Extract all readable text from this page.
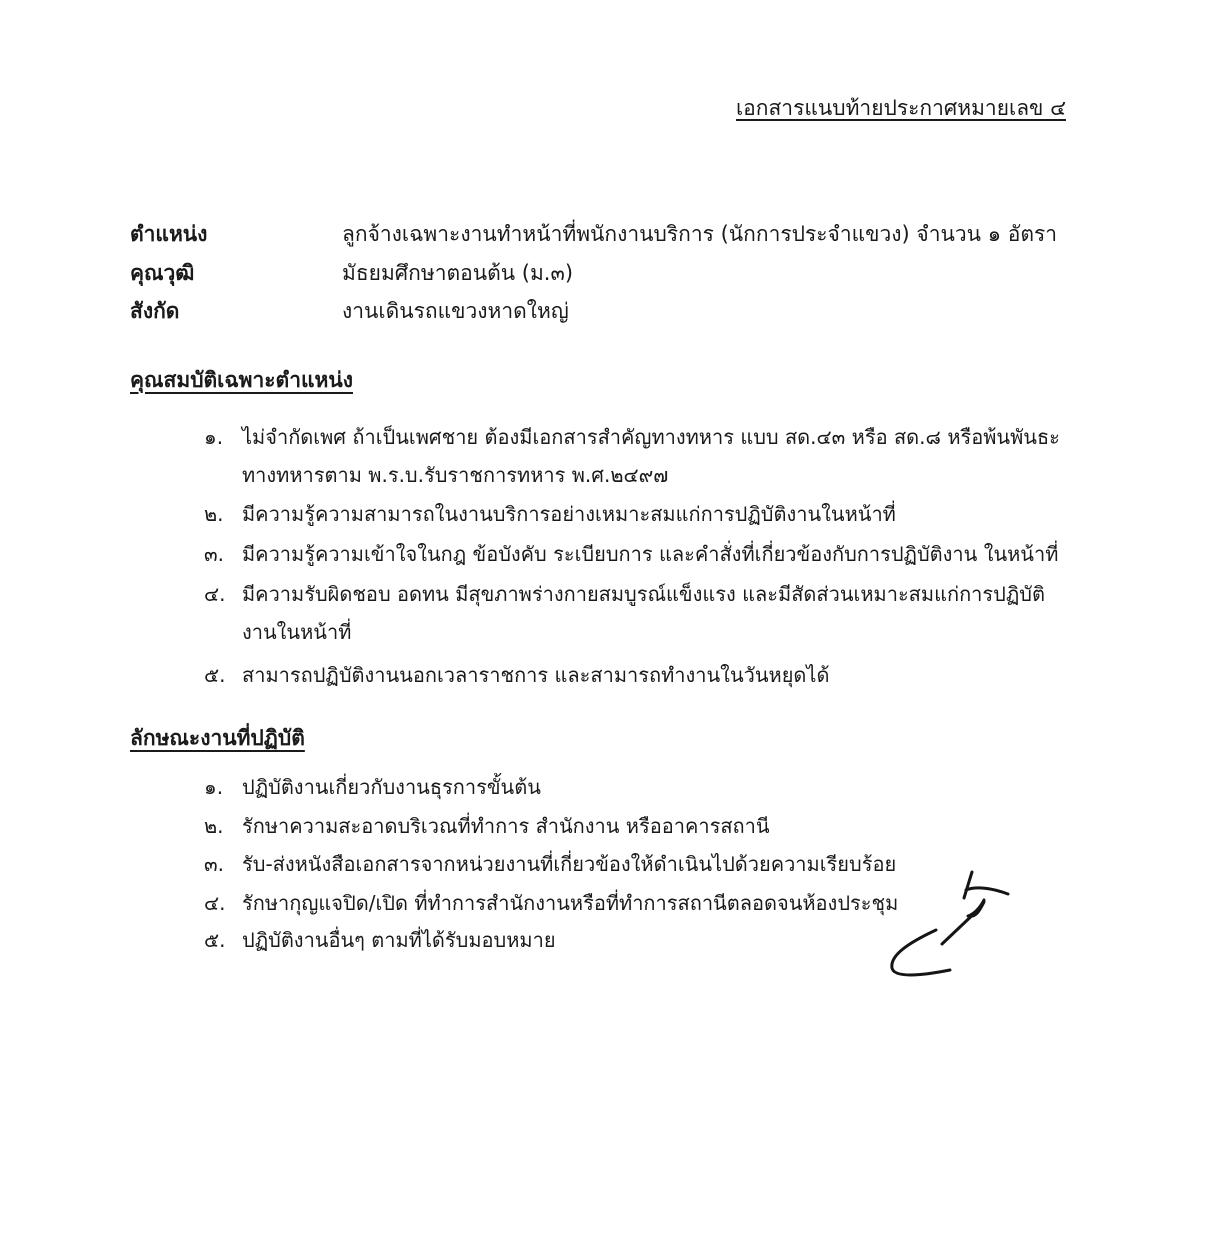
เอกสารแนบท้ายประกาศหมายเลข ๔
ตำแหน่ง	ลูกจ้างเฉพาะงานทำหน้าที่พนักงานบริการ (นักการประจำแขวง) จำนวน ๑ อัตรา
คุณวุฒิ	มัธยมศึกษาตอนต้น (ม.๓)
สังกัด	งานเดินรถแขวงหาดใหญ่
คุณสมบัติเฉพาะตำแหน่ง
๑. ไม่จำกัดเพศ ถ้าเป็นเพศชาย ต้องมีเอกสารสำคัญทางทหาร แบบ สด.๔๓ หรือ สด.๘ หรือพ้นพันธะทางทหารตาม พ.ร.บ.รับราชการทหาร พ.ศ.๒๔๙๗
๒. มีความรู้ความสามารถในงานบริการอย่างเหมาะสมแก่การปฏิบัติงานในหน้าที่
๓. มีความรู้ความเข้าใจในกฎ ข้อบังคับ ระเบียบการ และคำสั่งที่เกี่ยวข้องกับการปฏิบัติงาน ในหน้าที่
๔. มีความรับผิดชอบ อดทน มีสุขภาพร่างกายสมบูรณ์แข็งแรง และมีสัดส่วนเหมาะสมแก่การปฏิบัติงานในหน้าที่
๕. สามารถปฏิบัติงานนอกเวลาราชการ และสามารถทำงานในวันหยุดได้
ลักษณะงานที่ปฏิบัติ
๑. ปฏิบัติงานเกี่ยวกับงานธุรการขั้นต้น
๒. รักษาความสะอาดบริเวณที่ทำการ สำนักงาน หรืออาคารสถานี
๓. รับ-ส่งหนังสือเอกสารจากหน่วยงานที่เกี่ยวข้องให้ดำเนินไปด้วยความเรียบร้อย
๔. รักษากุญแจปิด/เปิด ที่ทำการสำนักงานหรือที่ทำการสถานีตลอดจนห้องประชุม
๕. ปฏิบัติงานอื่นๆ ตามที่ได้รับมอบหมาย
